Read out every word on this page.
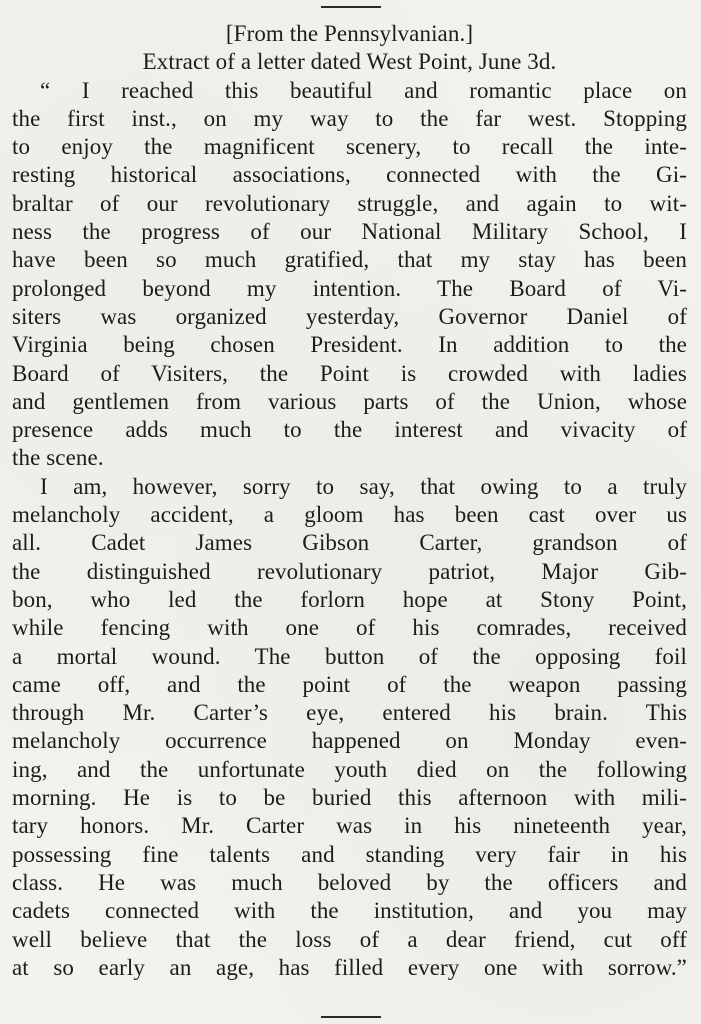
[From the Pennsylvanian.]
Extract of a letter dated West Point, June 3d.
“ I reached this beautiful and romantic place on
the first inst., on my way to the far west. Stopping
to enjoy the magnificent scenery, to recall the inte-
resting historical associations, connected with the Gi-
braltar of our revolutionary struggle, and again to wit-
ness the progress of our National Military School, I
have been so much gratified, that my stay has been
prolonged beyond my intention. The Board of Vi-
siters was organized yesterday, Governor Daniel of
Virginia being chosen President. In addition to the
Board of Visiters, the Point is crowded with ladies
and gentlemen from various parts of the Union, whose
presence adds much to the interest and vivacity of
the scene.
I am, however, sorry to say, that owing to a truly
melancholy accident, a gloom has been cast over us
all. Cadet James Gibson Carter, grandson of
the distinguished revolutionary patriot, Major Gib-
bon, who led the forlorn hope at Stony Point,
while fencing with one of his comrades, received
a mortal wound. The button of the opposing foil
came off, and the point of the weapon passing
through Mr. Carter’s eye, entered his brain. This
melancholy occurrence happened on Monday even-
ing, and the unfortunate youth died on the following
morning. He is to be buried this afternoon with mili-
tary honors. Mr. Carter was in his nineteenth year,
possessing fine talents and standing very fair in his
class. He was much beloved by the officers and
cadets connected with the institution, and you may
well believe that the loss of a dear friend, cut off
at so early an age, has filled every one with sorrow.”
